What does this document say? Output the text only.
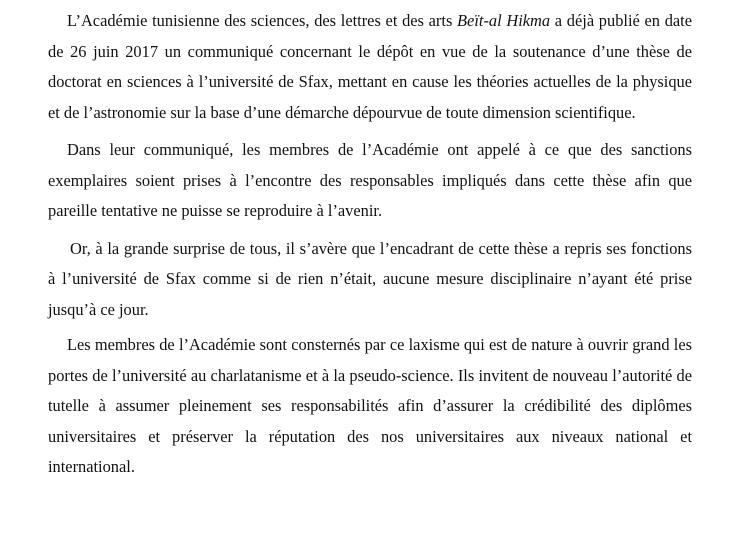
L’Académie tunisienne des sciences, des lettres et des arts Beït-al Hikma a déjà publié en date de 26 juin 2017 un communiqué concernant le dépôt en vue de la soutenance d’une thèse de doctorat en sciences à l’université de Sfax, mettant en cause les théories actuelles de la physique et de l’astronomie sur la base d’une démarche dépourvue de toute dimension scientifique.

Dans leur communiqué, les membres de l’Académie ont appelé à ce que des sanctions exemplaires soient prises à l’encontre des responsables impliqués dans cette thèse afin que pareille tentative ne puisse se reproduire à l’avenir.

Or, à la grande surprise de tous, il s’avère que l’encadrant de cette thèse a repris ses fonctions à l’université de Sfax comme si de rien n’était, aucune mesure disciplinaire n’ayant été prise jusqu’à ce jour.

Les membres de l’Académie sont consternés par ce laxisme qui est de nature à ouvrir grand les portes de l’université au charlatanisme et à la pseudo-science. Ils invitent de nouveau l’autorité de tutelle à assumer pleinement ses responsabilités afin d’assurer la crédibilité des diplômes universitaires et préserver la réputation des nos universitaires aux niveaux national et international.
